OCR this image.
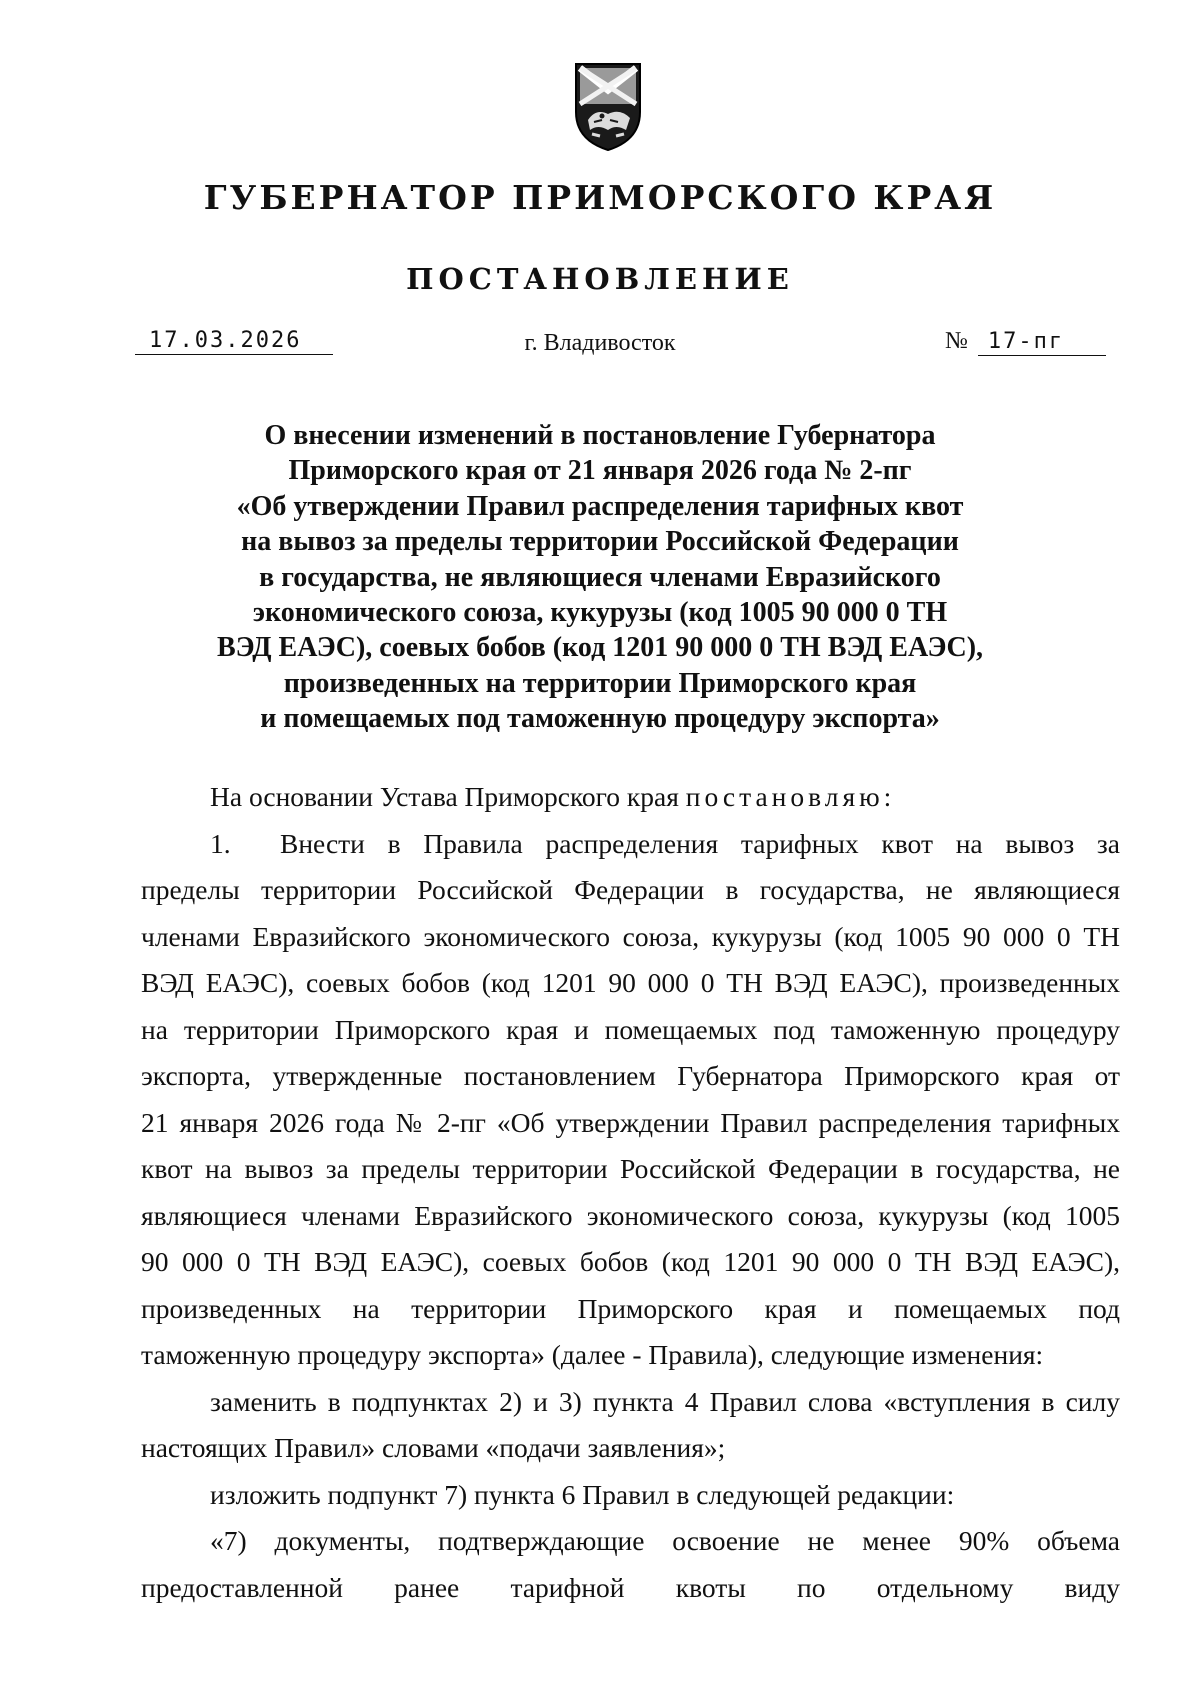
ГУБЕРНАТОР ПРИМОРСКОГО КРАЯ
ПОСТАНОВЛЕНИЕ
17.03.2026	г. Владивосток	№ 17-пг
О внесении изменений в постановление Губернатора
Приморского края от 21 января 2026 года № 2-пг
«Об утверждении Правил распределения тарифных квот
на вывоз за пределы территории Российской Федерации
в государства, не являющиеся членами Евразийского
экономического союза, кукурузы (код 1005 90 000 0 ТН
ВЭД ЕАЭС), соевых бобов (код 1201 90 000 0 ТН ВЭД ЕАЭС),
произведенных на территории Приморского края
и помещаемых под таможенную процедуру экспорта»

На основании Устава Приморского края постановляю:

1. Внести в Правила распределения тарифных квот на вывоз за
пределы территории Российской Федерации в государства, не являющиеся
членами Евразийского экономического союза, кукурузы (код 1005 90 000 0 ТН
ВЭД ЕАЭС), соевых бобов (код 1201 90 000 0 ТН ВЭД ЕАЭС), произведенных
на территории Приморского края и помещаемых под таможенную процедуру
экспорта, утвержденные постановлением Губернатора Приморского края от
21 января 2026 года № 2-пг «Об утверждении Правил распределения тарифных
квот на вывоз за пределы территории Российской Федерации в государства, не
являющиеся членами Евразийского экономического союза, кукурузы (код 1005
90 000 0 ТН ВЭД ЕАЭС), соевых бобов (код 1201 90 000 0 ТН ВЭД ЕАЭС),
произведенных на территории Приморского края и помещаемых под
таможенную процедуру экспорта» (далее - Правила), следующие изменения:
заменить в подпунктах 2) и 3) пункта 4 Правил слова «вступления в силу
настоящих Правил» словами «подачи заявления»;

изложить подпункт 7) пункта 6 Правил в следующей редакции:

«7) документы, подтверждающие освоение не менее 90% объема
предоставленной ранее тарифной квоты по отдельному виду
